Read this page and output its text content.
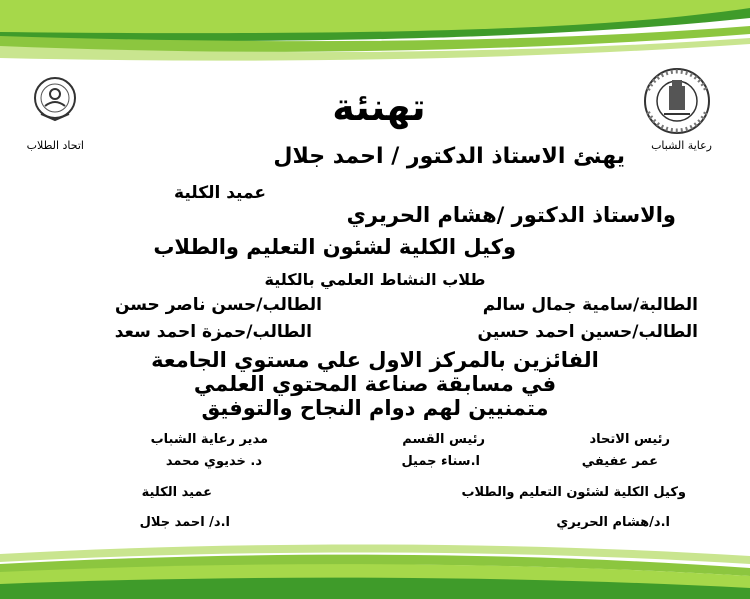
اتحاد الطلاب	رعاية الشباب
تهنئة
يهنئ الاستاذ الدكتور / احمد جلال
عميد الكلية
والاستاذ الدكتور /هشام الحريري
وكيل الكلية لشئون التعليم والطلاب
طلاب النشاط العلمي بالكلية
الطالبة/سامية جمال سالم
الطالب/حسن ناصر حسن
الطالب/حسين احمد حسين
الطالب/حمزة احمد سعد
الفائزين بالمركز الاول علي مستوي الجامعة
في مسابقة صناعة المحتوي العلمي
متمنيين لهم دوام النجاح والتوفيق
رئيس الاتحاد
عمر عفيفي
رئيس القسم
ا.سناء جميل
مدير رعاية الشباب
د. خديوي محمد
وكيل الكلية لشئون التعليم والطلاب
ا.د/هشام الحريري
عميد الكلية
ا.د/ احمد جلال
